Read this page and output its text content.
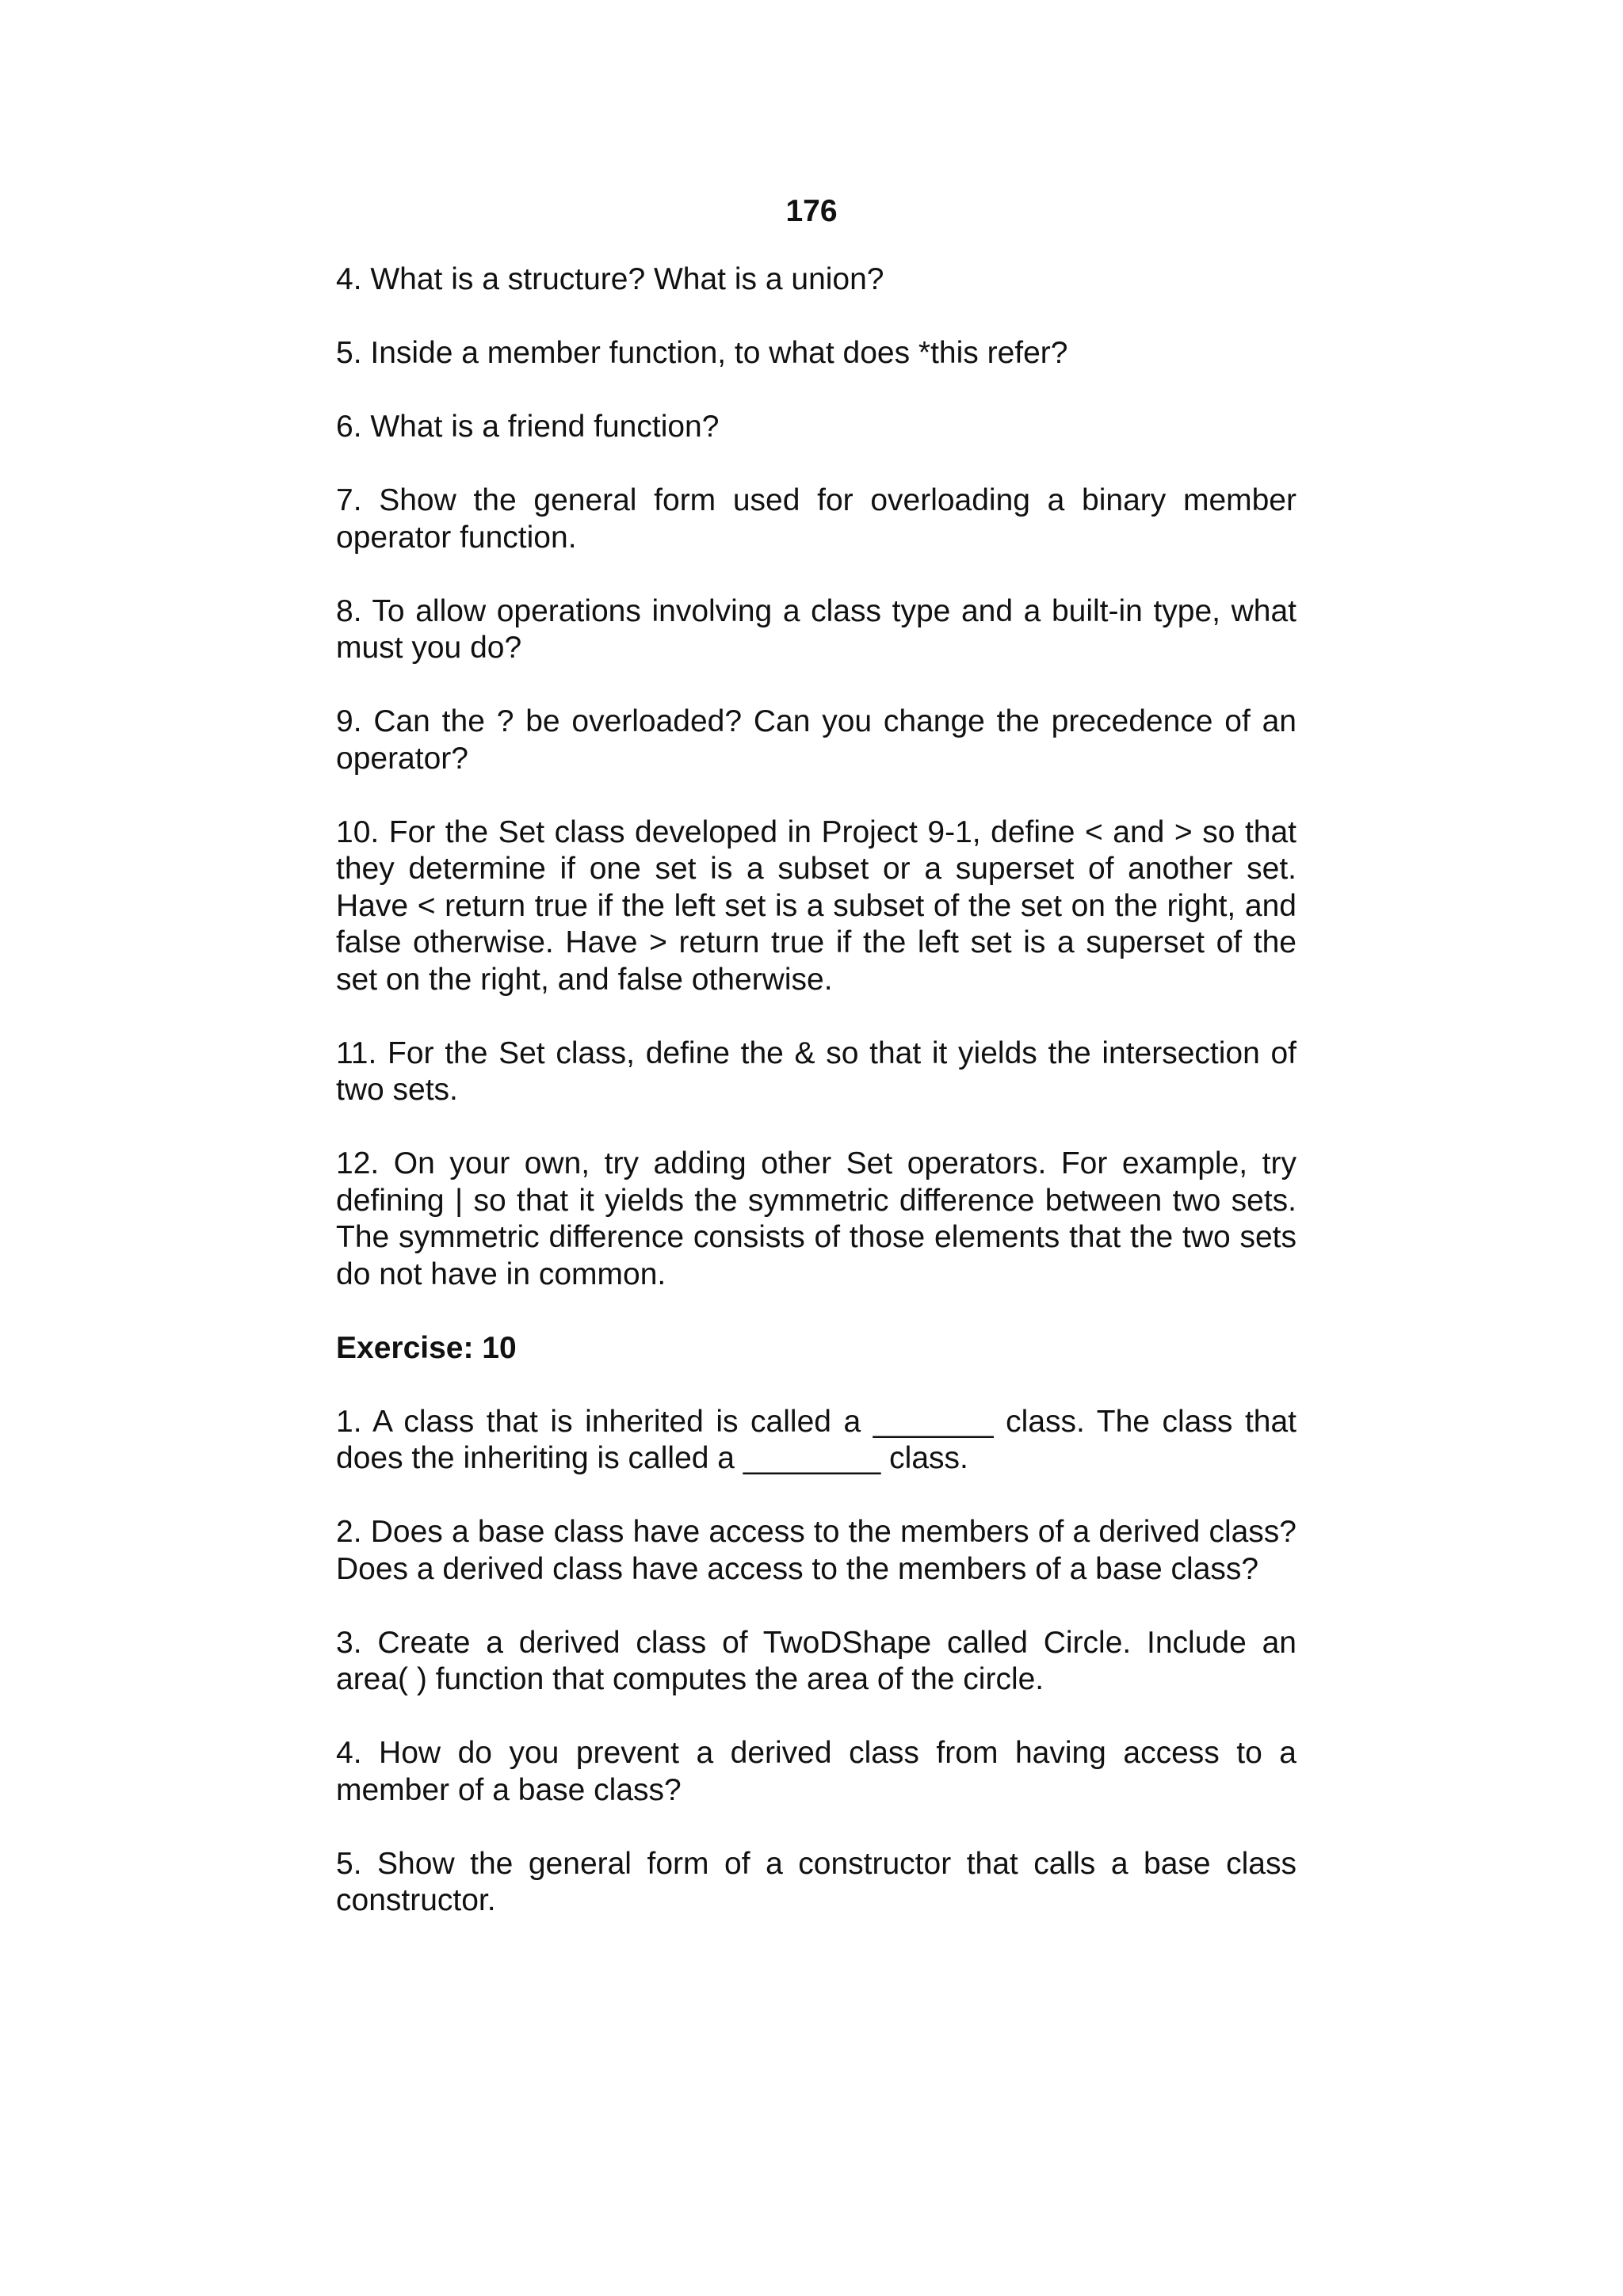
176

4. What is a structure? What is a union?

5. Inside a member function, to what does *this refer?

6. What is a friend function?

7. Show the general form used for overloading a binary member operator function.

8. To allow operations involving a class type and a built-in type, what must you do?

9. Can the ? be overloaded? Can you change the precedence of an operator?

10. For the Set class developed in Project 9-1, define < and > so that they determine if one set is a subset or a superset of another set. Have < return true if the left set is a subset of the set on the right, and false otherwise. Have > return true if the left set is a superset of the set on the right, and false otherwise.

11. For the Set class, define the & so that it yields the intersection of two sets.

12. On your own, try adding other Set operators. For example, try defining | so that it yields the symmetric difference between two sets. The symmetric difference consists of those elements that the two sets do not have in common.

Exercise: 10

1. A class that is inherited is called a _______ class. The class that does the inheriting is called a ________ class.

2. Does a base class have access to the members of a derived class? Does a derived class have access to the members of a base class?

3. Create a derived class of TwoDShape called Circle. Include an area( ) function that computes the area of the circle.

4. How do you prevent a derived class from having access to a member of a base class?

5. Show the general form of a constructor that calls a base class constructor.
